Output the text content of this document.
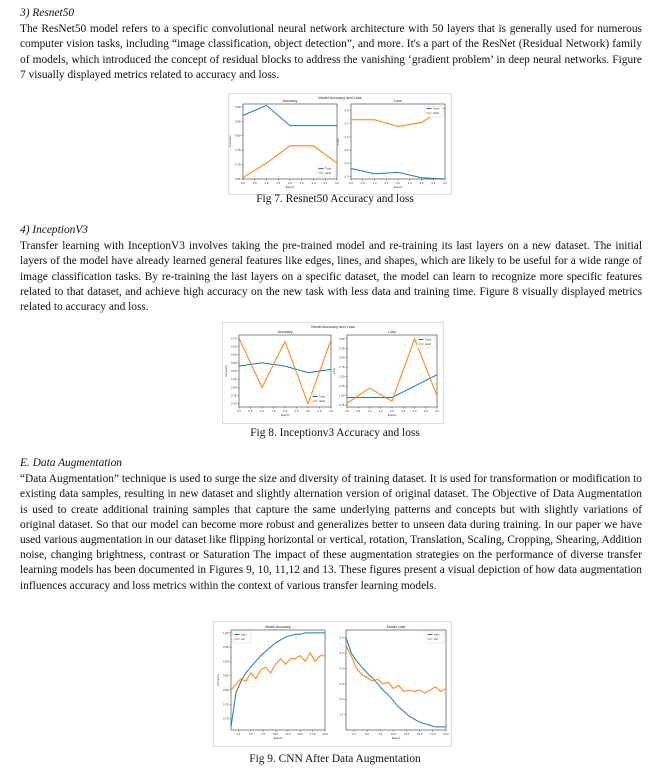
3) Resnet50
The ResNet50 model refers to a specific convolutional neural network architecture with 50 layers that is generally used for numerous computer vision tasks, including “image classification, object detection”, and more. It's a part of the ResNet (Residual Network) family of models, which introduced the concept of residual blocks to address the vanishing ‘gradient problem’ in deep neural networks. Figure 7 visually displayed metrics related to accuracy and loss.
Model Accuracy and Loss
Accuracy
0.65
0.70
0.75
0.80
0.85
0.90
0.0	0.5	1.0	1.5	2.0	2.5	3.0	3.5	4.0
Epoch
Accuracy
Train
Valid
Loss
0.3
0.4
0.5
0.6
0.7
0.8
0.0	0.5	1.0	1.5	2.0	2.5	3.0	3.5	4.0
Epoch
Loss
Train
Valid
Fig 7. Resnet50 Accuracy and loss
4) InceptionV3
Transfer learning with InceptionV3 involves taking the pre-trained model and re-training its last layers on a new dataset. The initial layers of the model have already learned general features like edges, lines, and shapes, which are likely to be useful for a wide range of image classification tasks. By re-training the last layers on a specific dataset, the model can learn to recognize more specific features related to that dataset, and achieve high accuracy on the new task with less data and training time. Figure 8 visually displayed metrics related to accuracy and loss.
Model Accuracy and Loss
Accuracy
0.30
0.35
0.40
0.45
0.50
0.55
0.60
0.65
0.70
0.0	0.5	1.0	1.5	2.0	2.5	3.0	3.5	4.0
Epoch
Accuracy
Train
Valid
Loss
0.75
1.00
1.25
1.50
1.75
2.00
2.25
2.50
0.0	0.5	1.0	1.5	2.0	2.5	3.0	3.5	4.0
Epoch
Loss
Train
Valid
Fig 8. Inceptionv3 Accuracy and loss
E. Data Augmentation
“Data Augmentation” technique is used to surge the size and diversity of training dataset. It is used for transformation or modification to existing data samples, resulting in new dataset and slightly alternation version of original dataset. The Objective of Data Augmentation is used to create additional training samples that capture the same underlying patterns and concepts but with slightly variations of original dataset. So that our model can become more robust and generalizes better to unseen data during training. In our paper we have used various augmentation in our dataset like flipping horizontal or vertical, rotation, Translation, Scaling, Cropping, Shearing, Addition noise, changing brightness, contrast or Saturation The impact of these augmentation strategies on the performance of diverse transfer learning models has been documented in Figures 9, 10, 11,12 and 13. These figures present a visual depiction of how data augmentation influences accuracy and loss metrics within the context of various transfer learning models.
Model Accuracy
0.70
0.75
0.80
0.85
0.90
0.95
1.00
2.5	5.0	7.5	10.0 12.5 15.0 17.5 20.0
Epoch
Accuracy
train
val
Model Loss
0.1
0.2
0.3
0.4
0.5
0.6
2.5	5.0	7.5	10.0	12.5	15.0	17.5	20.0
Epoch
train
val
Fig 9. CNN After Data Augmentation
